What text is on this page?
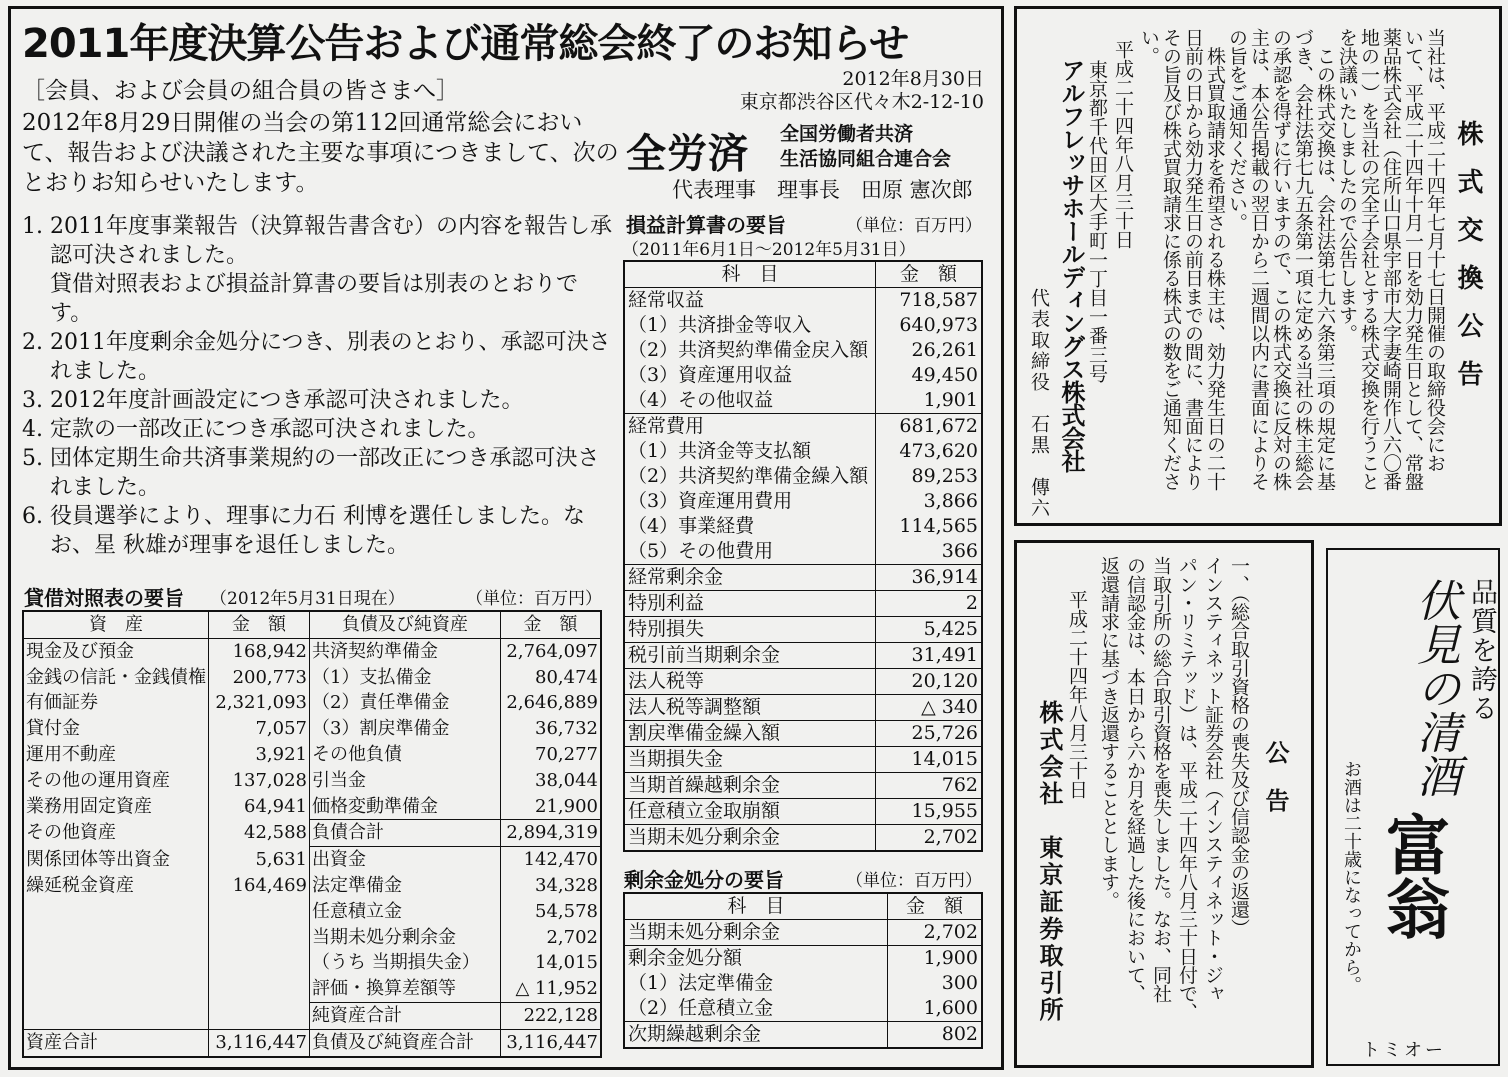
2011年度決算公告および通常総会終了のお知らせ

［会員、および会員の組合員の皆さまへ］

2012年8月29日開催の当会の第112回通常総会において、報告および決議された主要な事項につきまして、次のとおりお知らせいたします。

1. 2011年度事業報告（決算報告書含む）の内容を報告し承認可決されました。
貸借対照表および損益計算書の要旨は別表のとおりです。
2. 2011年度剰余金処分につき、別表のとおり、承認可決されました。
3. 2012年度計画設定につき承認可決されました。
4. 定款の一部改正につき承認可決されました。
5. 団体定期生命共済事業規約の一部改正につき承認可決されました。
6. 役員選挙により、理事に力石 利博を選任しました。なお、星 秋雄が理事を退任しました。
2012年8月30日
東京都渋谷区代々木2-12-10
全労済 全国労働者共済
生活協同組合連合会
代表理事　理事長　田原 憲次郎
損益計算書の要旨	（単位：百万円）
（2011年6月1日〜2012年5月31日）
科　目	金　額
経常収益	718,587
（1）共済掛金等収入	640,973
（2）共済契約準備金戻入額	26,261
（3）資産運用収益	49,450
（4）その他収益	1,901
経常費用	681,672
（1）共済金等支払額	473,620
（2）共済契約準備金繰入額	89,253
（3）資産運用費用	3,866
（4）事業経費	114,565
（5）その他費用	366
経常剰余金	36,914
特別利益	2
特別損失	5,425
税引前当期剰余金	31,491
法人税等	20,120
法人税等調整額	△ 340
割戻準備金繰入額	25,726
当期損失金	14,015
当期首繰越剰余金	762
任意積立金取崩額	15,955
当期未処分剰余金	2,702
貸借対照表の要旨 （2012年5月31日現在）	（単位：百万円）
資　産	金　額	負債及び純資産	金　額
現金及び預金	168,942	共済契約準備金	2,764,097
金銭の信託・金銭債権	200,773	（1）支払備金	80,474
有価証券	2,321,093	（2）責任準備金	2,646,889
貸付金	7,057	（3）割戻準備金	36,732
運用不動産	3,921	その他負債	70,277
その他の運用資産	137,028	引当金	38,044
業務用固定資産	64,941	価格変動準備金	21,900
その他資産	42,588	負債合計	2,894,319
関係団体等出資金	5,631	出資金	142,470
繰延税金資産	164,469	法定準備金	34,328
		任意積立金	54,578
		当期未処分剰余金	2,702
		（うち 当期損失金）	14,015
		評価・換算差額等	△ 11,952
		純資産合計	222,128
資産合計	3,116,447	負債及び純資産合計	3,116,447
剰余金処分の要旨	（単位：百万円）
科　目	金　額
当期未処分剰余金	2,702
剰余金処分額	1,900
（1）法定準備金	300
（2）任意積立金	1,600
次期繰越剰余金	802
株式交換公告
当社は、平成二十四年七月十七日開催の取締役会にお
いて、平成二十四年十月一日を効力発生日として、常盤
薬品株式会社（住所山口県宇部市大字妻崎開作八六〇番
地の一）を当社の完全子会社とする株式交換を行うこと
を決議いたしましたので公告します。
　この株式交換は、会社法第七九六条第三項の規定に基
づき、会社法第七九五条第一項に定める当社の株主総会
の承認を得ずに行いますので、この株式交換に反対の株
主は、本公告掲載の翌日から二週間以内に書面によりそ
の旨をご通知ください。
　株式買取請求を希望される株主は、効力発生日の二十
日前の日から効力発生日の前日までの間に、書面により
その旨及び株式買取請求に係る株式の数をご通知くださ
い。
平成二十四年八月三十日
東京都千代田区大手町一丁目一番三号
アルフレッサホールディングス株式会社
代表取締役　石黒　傳六
公　告
一、（総合取引資格の喪失及び信認金の返還）
インスティネット証券会社（インスティネット・ジャ
パン・リミテッド）は、平成二十四年八月三十日付で、
当取引所の総合取引資格を喪失しました。なお、同社
の信認金は、本日から六か月を経過した後において、
返還請求に基づき返還することとします。
平成二十四年八月三十日
株式会社　東京証券取引所
品質を誇る
伏見の清酒
お酒は二十歳になってから。 富翁
トミオー
